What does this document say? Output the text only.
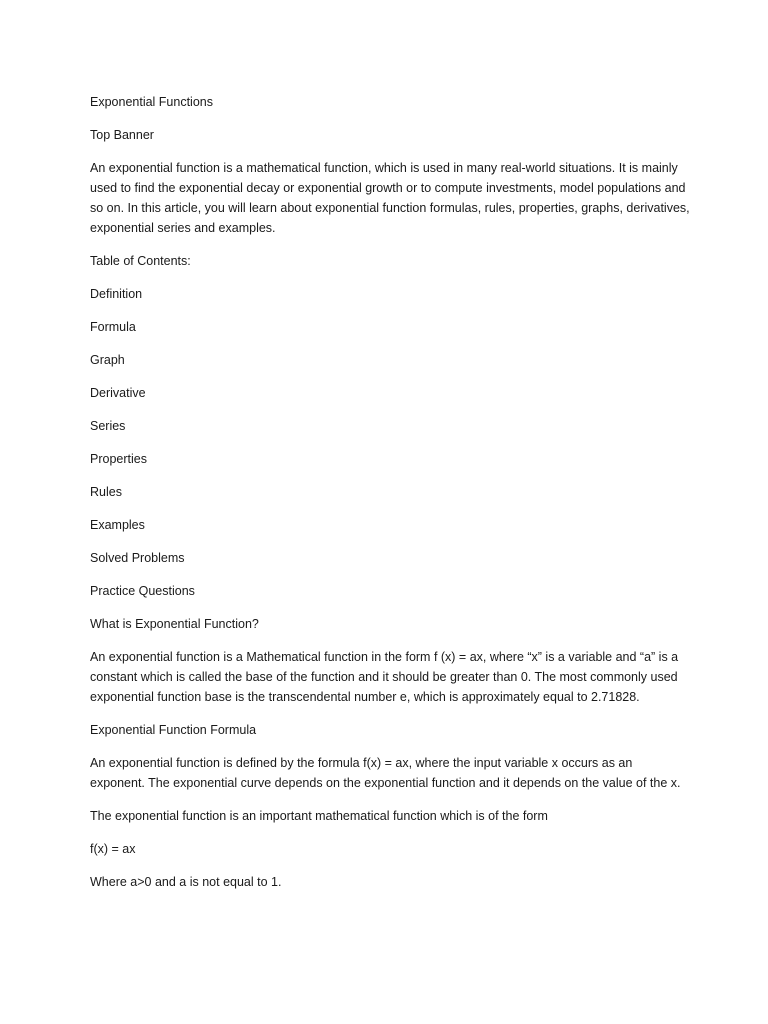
Exponential Functions

Top Banner

An exponential function is a mathematical function, which is used in many real-world situations. It is mainly used to find the exponential decay or exponential growth or to compute investments, model populations and so on. In this article, you will learn about exponential function formulas, rules, properties, graphs, derivatives, exponential series and examples.

Table of Contents:

Definition
Formula
Graph
Derivative
Series
Properties
Rules
Examples
Solved Problems
Practice Questions

What is Exponential Function?

An exponential function is a Mathematical function in the form f (x) = ax, where “x” is a variable and “a” is a constant which is called the base of the function and it should be greater than 0. The most commonly used exponential function base is the transcendental number e, which is approximately equal to 2.71828.

Exponential Function Formula

An exponential function is defined by the formula f(x) = ax, where the input variable x occurs as an exponent. The exponential curve depends on the exponential function and it depends on the value of the x.

The exponential function is an important mathematical function which is of the form

f(x) = ax

Where a>0 and a is not equal to 1.
